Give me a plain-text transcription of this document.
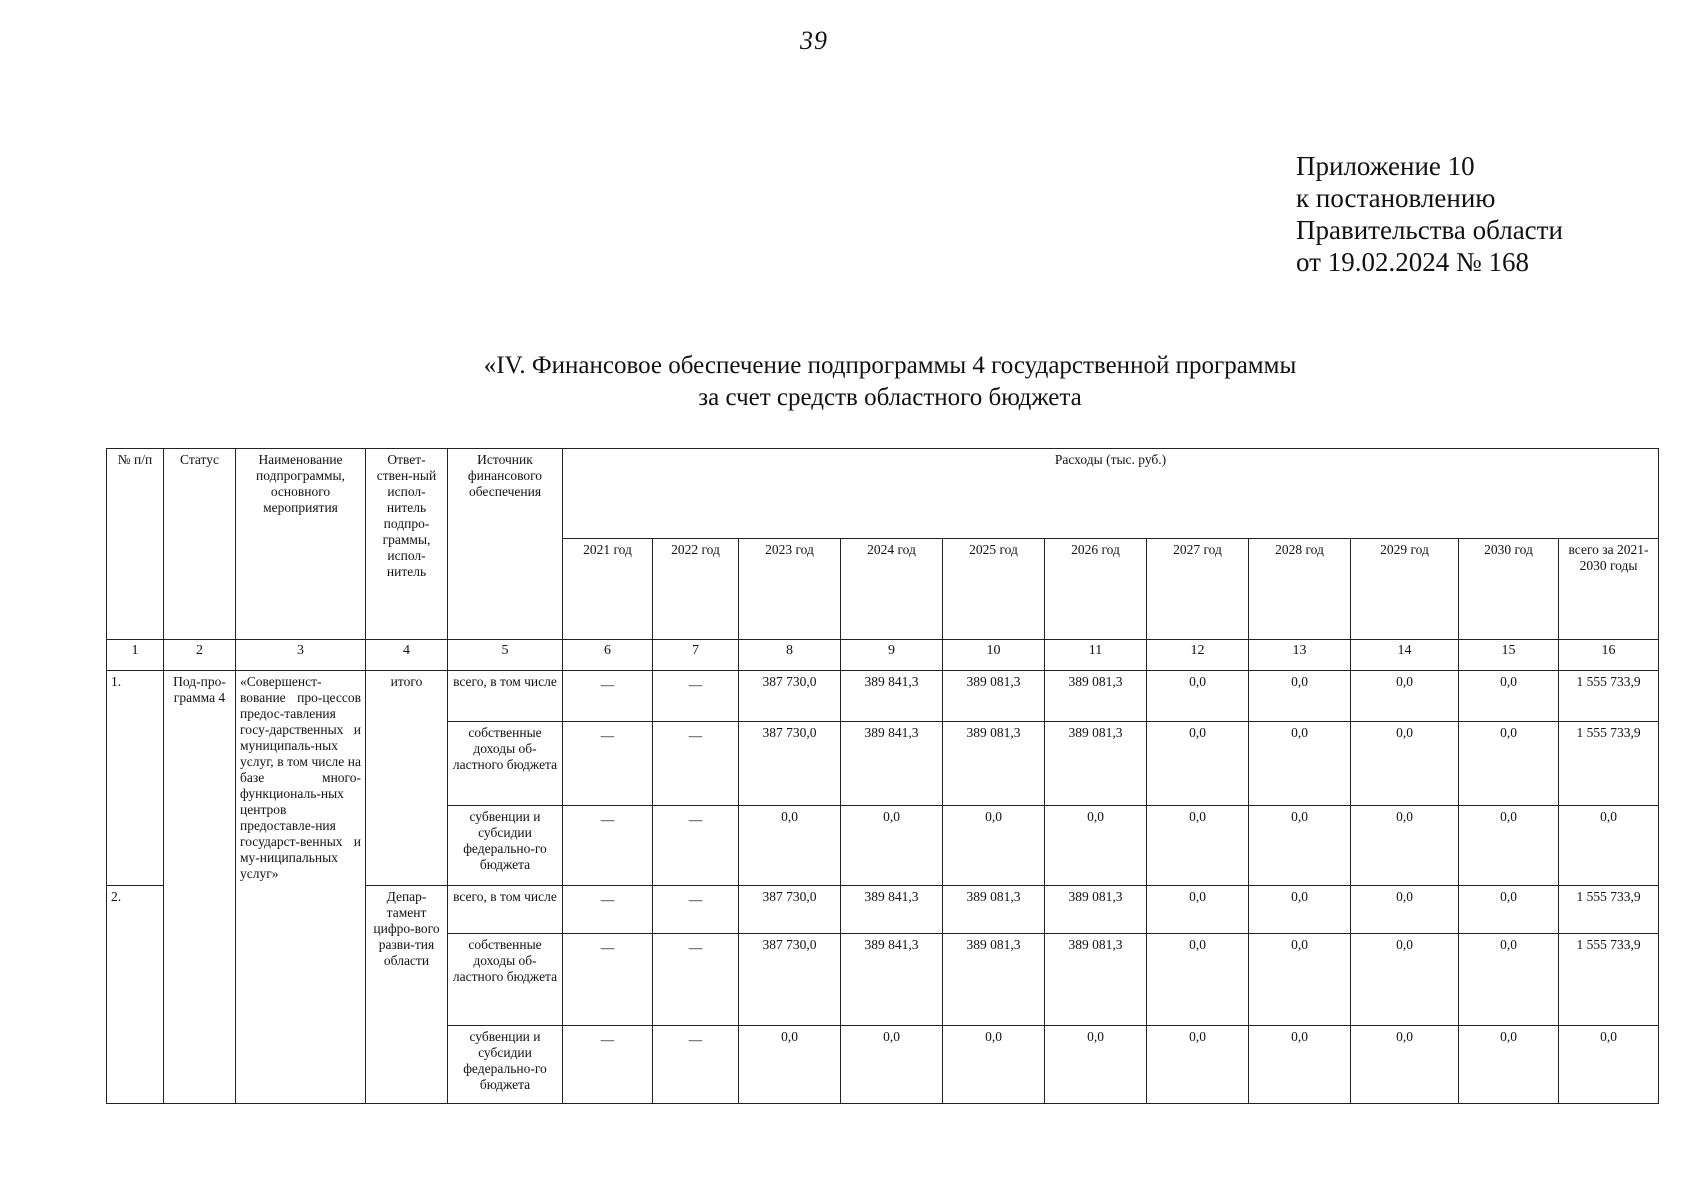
39
Приложение 10
к постановлению
Правительства области
от 19.02.2024 № 168
«IV. Финансовое обеспечение подпрограммы 4 государственной программы
за счет средств областного бюджета
№ п/п	Статус	Наименование подпрограммы, основного мероприятия	Ответ-ствен-ный испол-нитель подпро-граммы, испол-нитель	Источник финансового обеспечения	Расходы (тыс. руб.)										
					2021 год	2022 год	2023 год	2024 год	2025 год	2026 год	2027 год	2028 год	2029 год	2030 год	всего за 2021-2030 годы
1	2	3	4	5	6	7	8	9	10	11	12	13	14	15	16
1.	Под-про-грамма 4	«Совершенст-вование про-цессов предос-тавления госу-дарственных и муниципаль-ных услуг, в том числе на базе много-функциональ-ных центров предоставле-ния государст-венных и му-ниципальных услуг»	итого	всего, в том числе	—	—	387 730,0	389 841,3	389 081,3	389 081,3	0,0	0,0	0,0	0,0	1 555 733,9
				собственные доходы об-ластного бюджета	—	—	387 730,0	389 841,3	389 081,3	389 081,3	0,0	0,0	0,0	0,0	1 555 733,9
				субвенции и субсидии федерально-го бюджета	—	—	0,0	0,0	0,0	0,0	0,0	0,0	0,0	0,0	0,0
2.			Депар-тамент цифро-вого разви-тия области	всего, в том числе	—	—	387 730,0	389 841,3	389 081,3	389 081,3	0,0	0,0	0,0	0,0	1 555 733,9
				собственные доходы об-ластного бюджета	—	—	387 730,0	389 841,3	389 081,3	389 081,3	0,0	0,0	0,0	0,0	1 555 733,9
				субвенции и субсидии федерально-го бюджета	—	—	0,0	0,0	0,0	0,0	0,0	0,0	0,0	0,0	0,0
